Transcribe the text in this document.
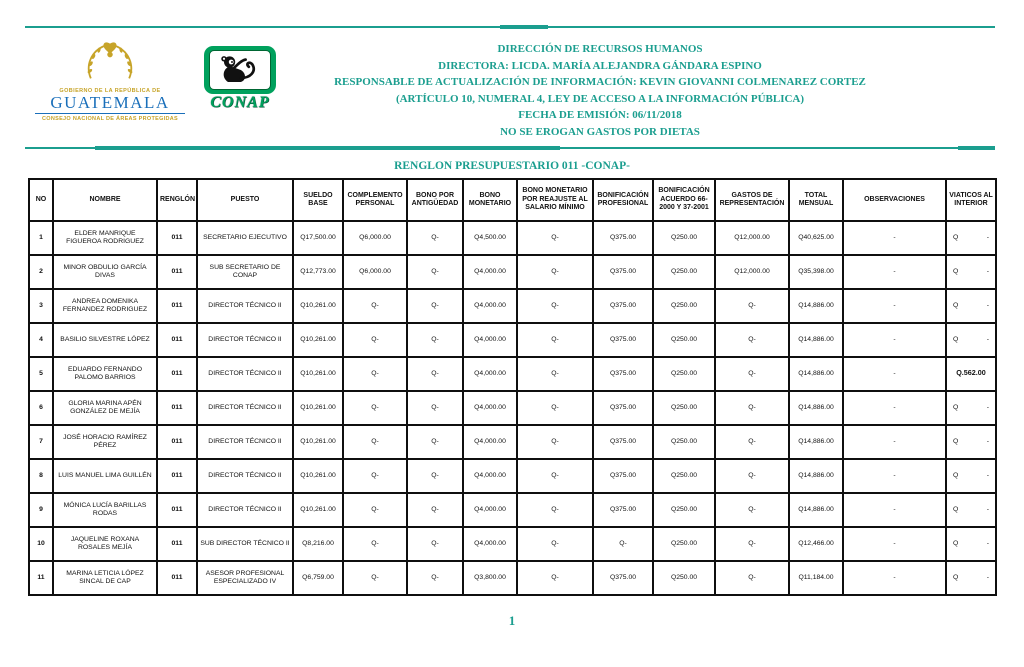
GOBIERNO DE LA REPÚBLICA DE
GUATEMALA
CONSEJO NACIONAL DE ÁREAS PROTEGIDAS
CONAP
DIRECCIÓN DE RECURSOS HUMANOS
DIRECTORA: LICDA. MARÍA ALEJANDRA GÁNDARA ESPINO
RESPONSABLE DE ACTUALIZACIÓN DE INFORMACIÓN: KEVIN GIOVANNI COLMENAREZ CORTEZ
(ARTÍCULO 10, NUMERAL 4, LEY DE ACCESO A LA INFORMACIÓN PÚBLICA)
FECHA DE EMISIÓN: 06/11/2018
NO SE EROGAN GASTOS POR DIETAS
RENGLON PRESUPUESTARIO 011 -CONAP-
NO	NOMBRE	RENGLÓN	PUESTO	SUELDO BASE	COMPLEMENTO PERSONAL	BONO POR ANTIGÜEDAD	BONO MONETARIO	BONO MONETARIO POR REAJUSTE AL SALARIO MÍNIMO	BONIFICACIÓN PROFESIONAL	BONIFICACIÓN ACUERDO 66-2000 Y 37-2001	GASTOS DE REPRESENTACIÓN	TOTAL MENSUAL	OBSERVACIONES	VIATICOS AL INTERIOR
1	ELDER MANRIQUE FIGUEROA RODRIGUEZ	011	SECRETARIO EJECUTIVO	Q17,500.00	Q6,000.00	Q-	Q4,500.00	Q-	Q375.00	Q250.00	Q12,000.00	Q40,625.00	-	Q -

2	MINOR OBDULIO GARCÍA DIVAS	011	SUB SECRETARIO DE CONAP	Q12,773.00	Q6,000.00	Q-	Q4,000.00	Q-	Q375.00	Q250.00	Q12,000.00	Q35,398.00	-	Q -

3	ANDREA DOMENIKA FERNANDEZ RODRIGUEZ	011	DIRECTOR TÉCNICO II	Q10,261.00	Q-	Q-	Q4,000.00	Q-	Q375.00	Q250.00	Q-	Q14,886.00	-	Q -

4	BASILIO SILVESTRE LÓPEZ	011	DIRECTOR TÉCNICO II	Q10,261.00	Q-	Q-	Q4,000.00	Q-	Q375.00	Q250.00	Q-	Q14,886.00	-	Q -

5	EDUARDO FERNANDO PALOMO BARRIOS	011	DIRECTOR TÉCNICO II	Q10,261.00	Q-	Q-	Q4,000.00	Q-	Q375.00	Q250.00	Q-	Q14,886.00	-	Q.562.00
6	GLORIA MARINA APÉN GONZÁLEZ DE MEJÍA	011	DIRECTOR TÉCNICO II	Q10,261.00	Q-	Q-	Q4,000.00	Q-	Q375.00	Q250.00	Q-	Q14,886.00	-	Q -

7	JOSÉ HORACIO RAMÍREZ PÉREZ	011	DIRECTOR TÉCNICO II	Q10,261.00	Q-	Q-	Q4,000.00	Q-	Q375.00	Q250.00	Q-	Q14,886.00	-	Q -

8	LUIS MANUEL LIMA GUILLÉN	011	DIRECTOR TÉCNICO II	Q10,261.00	Q-	Q-	Q4,000.00	Q-	Q375.00	Q250.00	Q-	Q14,886.00	-	Q -

9	MÓNICA LUCÍA BARILLAS RODAS	011	DIRECTOR TÉCNICO II	Q10,261.00	Q-	Q-	Q4,000.00	Q-	Q375.00	Q250.00	Q-	Q14,886.00	-	Q -

10	JAQUELINE ROXANA ROSALES MEJÍA	011	SUB DIRECTOR TÉCNICO II	Q8,216.00	Q-	Q-	Q4,000.00	Q-	Q-	Q250.00	Q-	Q12,466.00	-	Q -

11	MARINA LETICIA LÓPEZ SINCAL DE CAP	011	ASESOR PROFESIONAL ESPECIALIZADO IV	Q6,759.00	Q-	Q-	Q3,800.00	Q-	Q375.00	Q250.00	Q-	Q11,184.00	-	Q -
1
